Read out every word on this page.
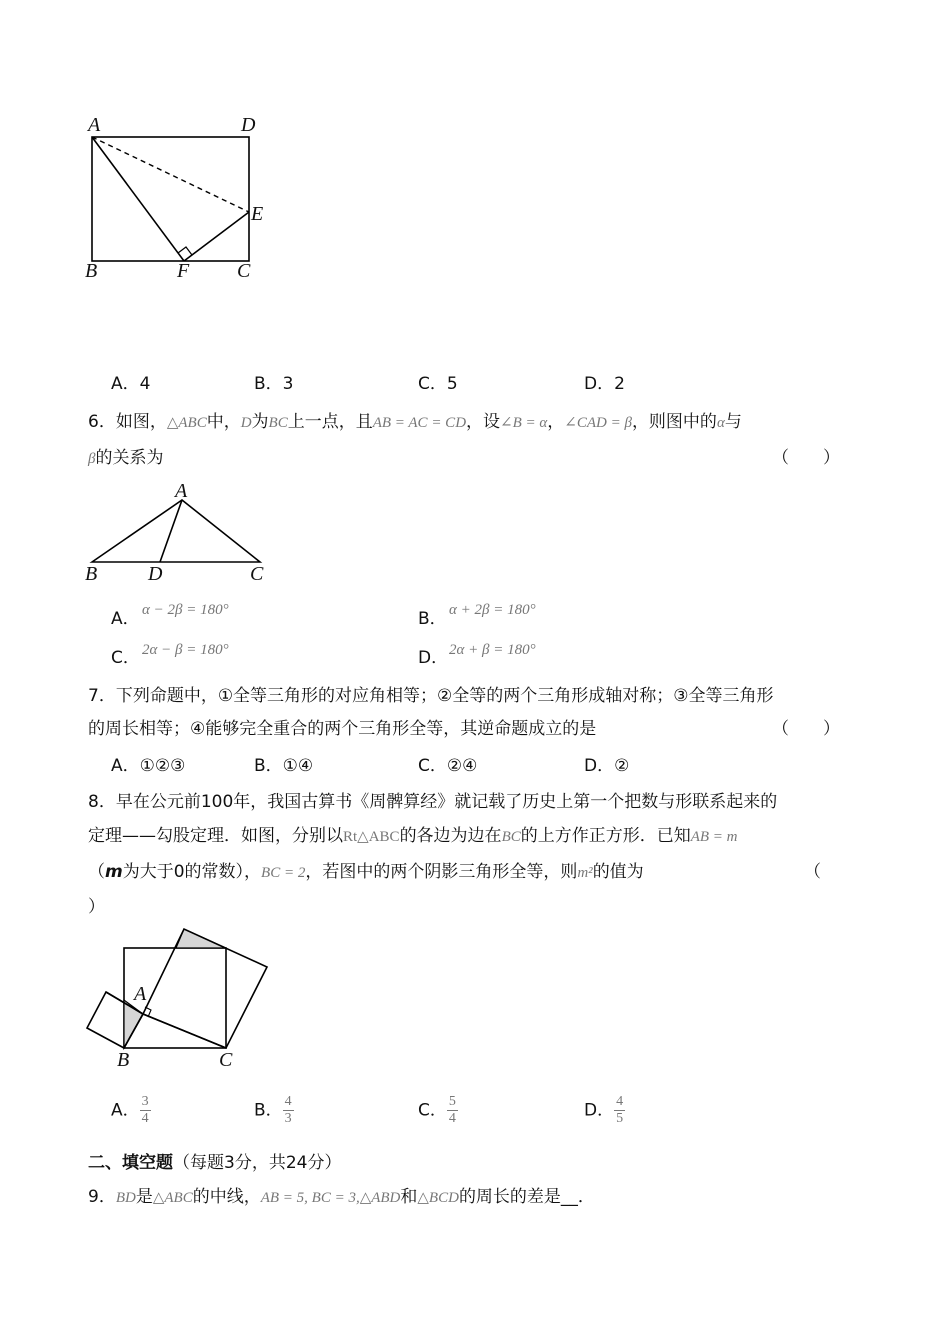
A	D
E
B	F C
A．4	B．3	C．5	D．2
6．如图，△ABC中，D为BC上一点，且AB = AC = CD，设∠B = α，∠CAD = β，则图中的α与
β的关系为	（　　）
A
B	D	C
A． α − 2β = 180°	B． α + 2β = 180°
C． 2α − β = 180°	D． 2α + β = 180°
7．下列命题中，①全等三角形的对应角相等；②全等的两个三角形成轴对称；③全等三角形
的周长相等；④能够完全重合的两个三角形全等，其逆命题成立的是	（　　）
A．①②③	B．①④	C．②④	D．②
8．早在公元前100年，我国古算书《周髀算经》就记载了历史上第一个把数与形联系起来的
定理——勾股定理．如图，分别以Rt△ABC的各边为边在BC的上方作正方形．已知AB = m
（m为大于0的常数），BC = 2，若图中的两个阴影三角形全等，则m²的值为	（
）
A
B	C
A． $\frac{3}{4}$	B． $\frac{4}{3}$	C． $\frac{5}{4}$	D． $\frac{4}{5}$
二、填空题（每题3分，共24分）
9．BD是△ABC的中线，AB = 5, BC = 3,△ABD和△BCD的周长的差是__．
